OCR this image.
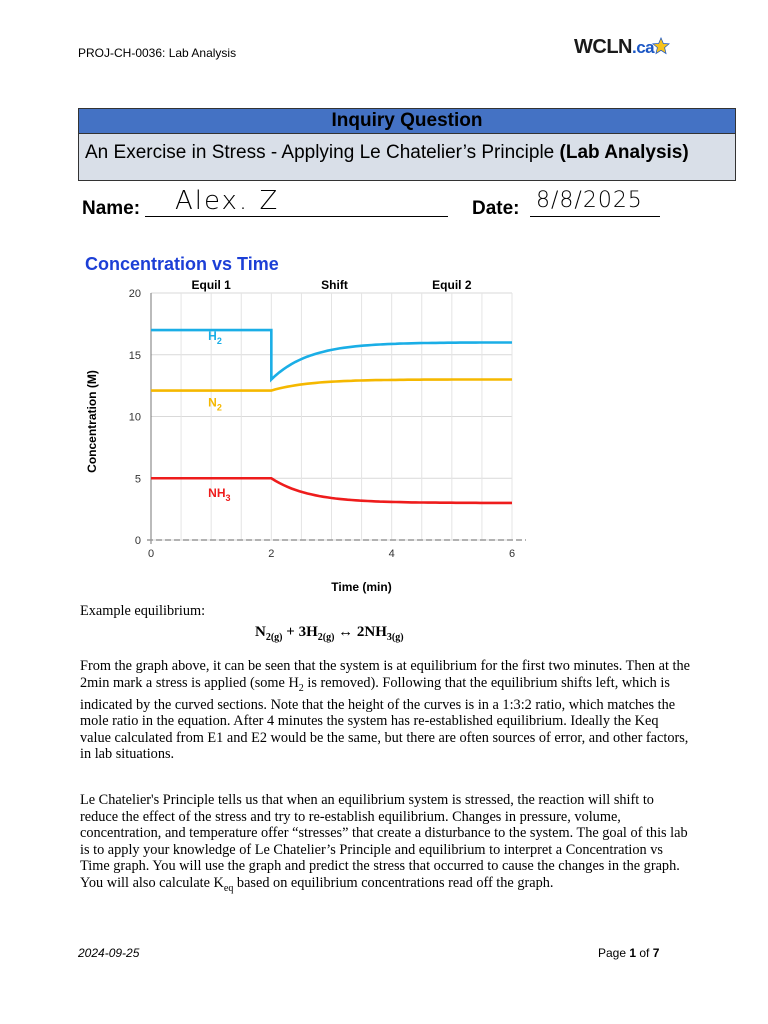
PROJ-CH-0036: Lab Analysis	WCLN.ca
Inquiry Question
An Exercise in Stress - Applying Le Chatelier’s Principle (Lab Analysis)
Name: Alex. Z	Date: 8/8/2025
Concentration vs Time
0
5
10
15
20
0	2	4	6
Time (min)
Concentration (M)
Equil 1	Shift	Equil 2
$H_2$
$N_2$
$NH_3$
Example equilibrium:
$N_{2(g)} + 3H_{2(g)}$ ↔ $2NH_{3(g)}$
From the graph above, it can be seen that the system is at equilibrium for the first two minutes. Then at the 2min mark a stress is applied (some $H_2$ is removed). Following that the equilibrium shifts left, which is indicated by the curved sections. Note that the height of the curves is in a 1:3:2 ratio, which matches the mole ratio in the equation. After 4 minutes the system has re-established equilibrium. Ideally the Keq value calculated from E1 and E2 would be the same, but there are often sources of error, and other factors, in lab situations.
Le Chatelier's Principle tells us that when an equilibrium system is stressed, the reaction will shift to reduce the effect of the stress and try to re-establish equilibrium. Changes in pressure, volume, concentration, and temperature offer “stresses” that create a disturbance to the system. The goal of this lab is to apply your knowledge of Le Chatelier’s Principle and equilibrium to interpret a Concentration vs Time graph. You will use the graph and predict the stress that occurred to cause the changes in the graph. You will also calculate $K_{eq}$ based on equilibrium concentrations read off the graph.
2024-09-25	Page 1 of 7
